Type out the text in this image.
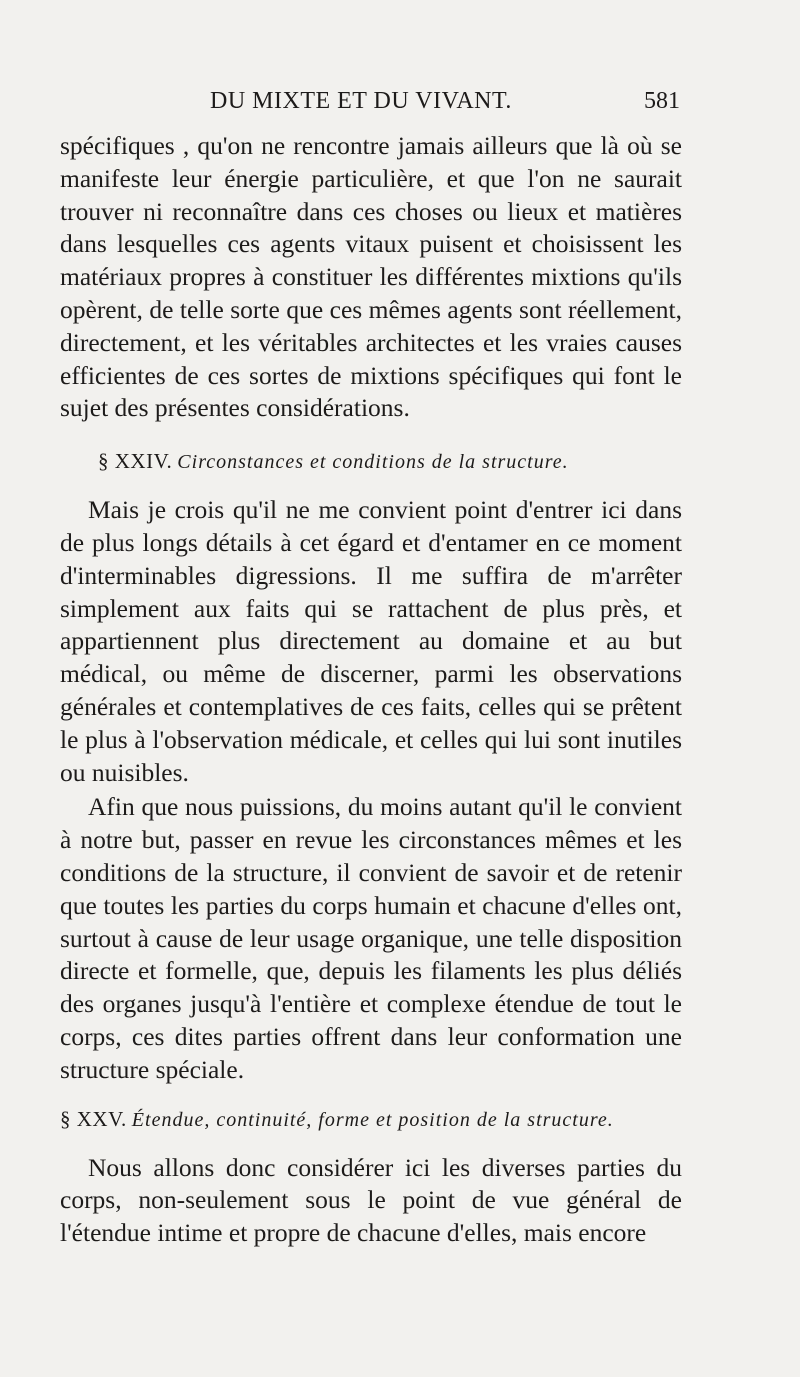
DU MIXTE ET DU VIVANT.	581

spécifiques , qu'on ne rencontre jamais ailleurs que là où se manifeste leur énergie particulière, et que l'on ne saurait trouver ni reconnaître dans ces choses ou lieux et matières dans lesquelles ces agents vitaux puisent et choisissent les matériaux propres à constituer les différentes mixtions qu'ils opèrent, de telle sorte que ces mêmes agents sont réellement, directement, et les véritables architectes et les vraies causes efficientes de ces sortes de mixtions spécifiques qui font le sujet des présentes considérations.

§ XXIV. Circonstances et conditions de la structure.

Mais je crois qu'il ne me convient point d'entrer ici dans de plus longs détails à cet égard et d'entamer en ce moment d'interminables digressions. Il me suffira de m'arrêter simplement aux faits qui se rattachent de plus près, et appartiennent plus directement au domaine et au but médical, ou même de discerner, parmi les observations générales et contemplatives de ces faits, celles qui se prêtent le plus à l'observation médicale, et celles qui lui sont inutiles ou nuisibles.

Afin que nous puissions, du moins autant qu'il le convient à notre but, passer en revue les circonstances mêmes et les conditions de la structure, il convient de savoir et de retenir que toutes les parties du corps humain et chacune d'elles ont, surtout à cause de leur usage organique, une telle disposition directe et formelle, que, depuis les filaments les plus déliés des organes jusqu'à l'entière et complexe étendue de tout le corps, ces dites parties offrent dans leur conformation une structure spéciale.

§ XXV. Étendue, continuité, forme et position de la structure.

Nous allons donc considérer ici les diverses parties du corps, non-seulement sous le point de vue général de l'étendue intime et propre de chacune d'elles, mais encore
